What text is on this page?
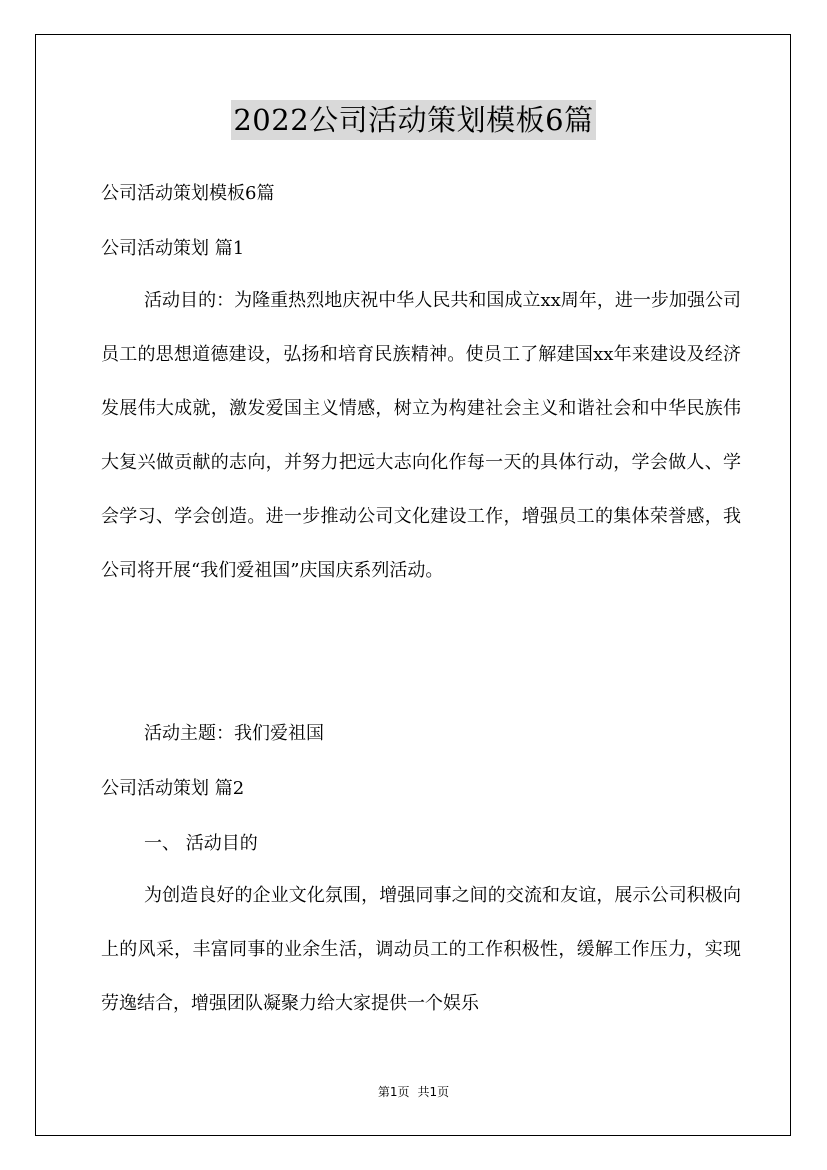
2022公司活动策划模板6篇
公司活动策划模板6篇
公司活动策划 篇1

活动目的：为隆重热烈地庆祝中华人民共和国成立xx周年，进一步加强公司员工的思想道德建设，弘扬和培育民族精神。使员工了解建国xx年来建设及经济发展伟大成就，激发爱国主义情感，树立为构建社会主义和谐社会和中华民族伟大复兴做贡献的志向，并努力把远大志向化作每一天的具体行动，学会做人、学会学习、学会创造。进一步推动公司文化建设工作，增强员工的集体荣誉感，我公司将开展“我们爱祖国”庆国庆系列活动。

活动主题：我们爱祖国
公司活动策划 篇2
一、 活动目的

为创造良好的企业文化氛围，增强同事之间的交流和友谊，展示公司积极向上的风采，丰富同事的业余生活，调动员工的工作积极性，缓解工作压力，实现劳逸结合，增强团队凝聚力给大家提供一个娱乐

第1页 共1页
